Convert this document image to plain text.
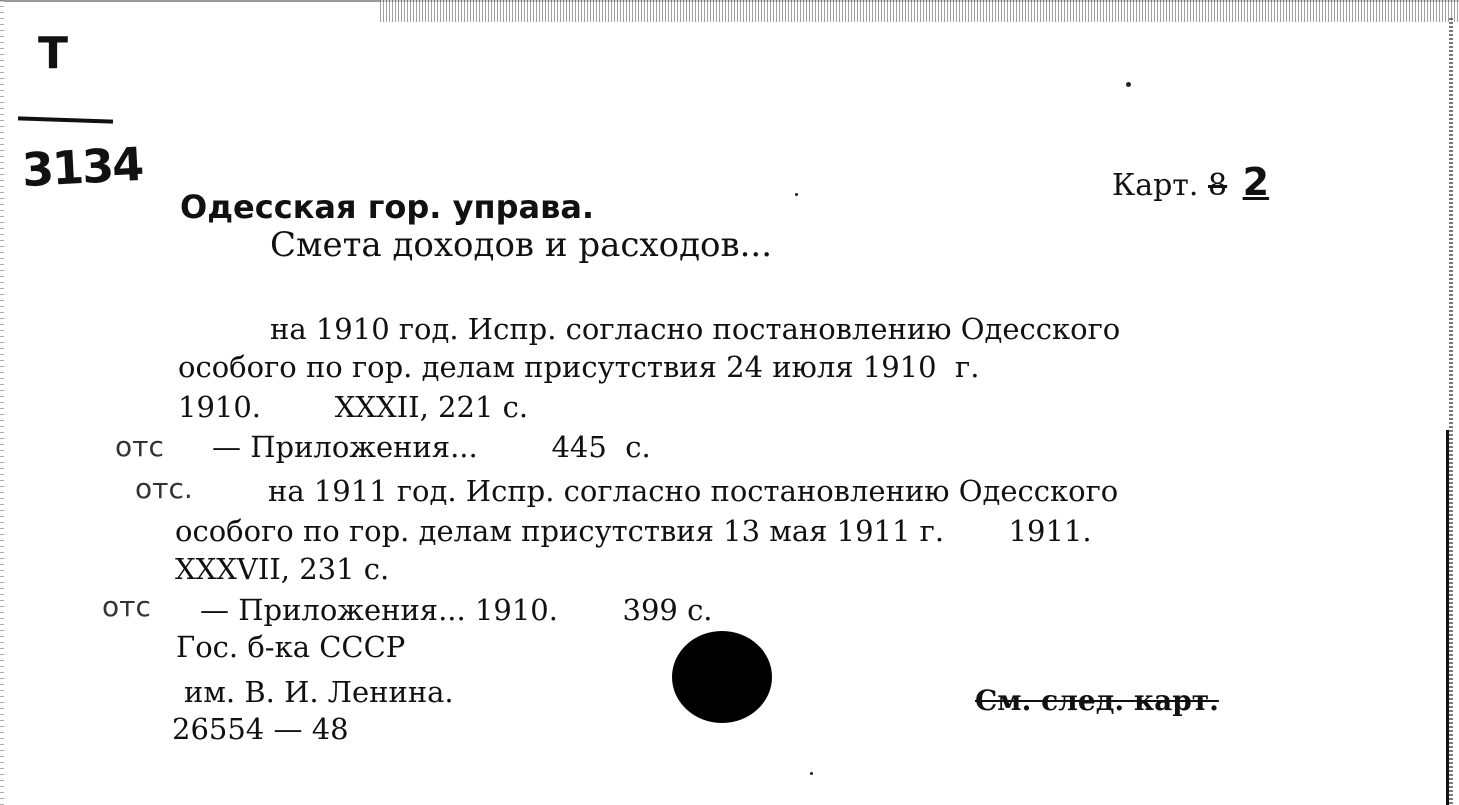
Т
3134	Карт. 8 2
Одесская гор. управа.
Смета доходов и расходов...
на 1910 год. Испр. согласно постановлению Одесского
особого по гор. делам присутствия 24 июля 1910  г.
1910.        XXXII, 221 с.
отс — Приложения...        445  с.
отс.	на 1911 год. Испр. согласно постановлению Одесского
особого по гор. делам присутствия 13 мая 1911 г.       1911.
XXXVII, 231 с.
отс — Приложения... 1910.       399 с.
Гос. б-ка СССР
им. В. И. Ленина.
26554 — 48
См. след. карт.
